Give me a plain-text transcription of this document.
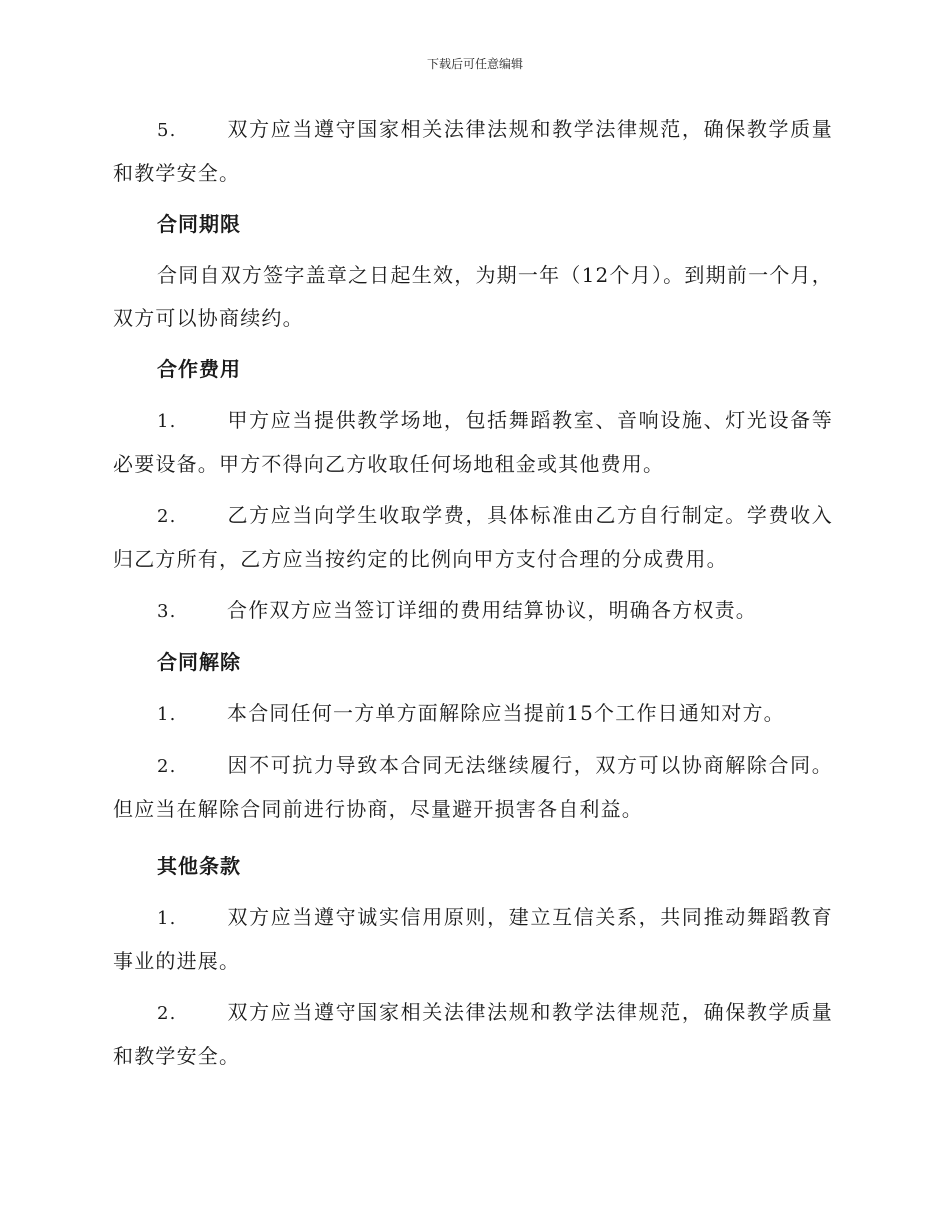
下载后可任意编辑

5.	双方应当遵守国家相关法律法规和教学法律规范，确保教学质量和教学安全。

合同期限

合同自双方签字盖章之日起生效，为期一年（12个月）。到期前一个月，双方可以协商续约。

合作费用

1.	甲方应当提供教学场地，包括舞蹈教室、音响设施、灯光设备等必要设备。甲方不得向乙方收取任何场地租金或其他费用。

2.	乙方应当向学生收取学费，具体标准由乙方自行制定。学费收入归乙方所有，乙方应当按约定的比例向甲方支付合理的分成费用。

3.	合作双方应当签订详细的费用结算协议，明确各方权责。

合同解除

1.	本合同任何一方单方面解除应当提前15个工作日通知对方。

2.	因不可抗力导致本合同无法继续履行，双方可以协商解除合同。但应当在解除合同前进行协商，尽量避开损害各自利益。

其他条款

1.	双方应当遵守诚实信用原则，建立互信关系，共同推动舞蹈教育事业的进展。

2.	双方应当遵守国家相关法律法规和教学法律规范，确保教学质量和教学安全。
